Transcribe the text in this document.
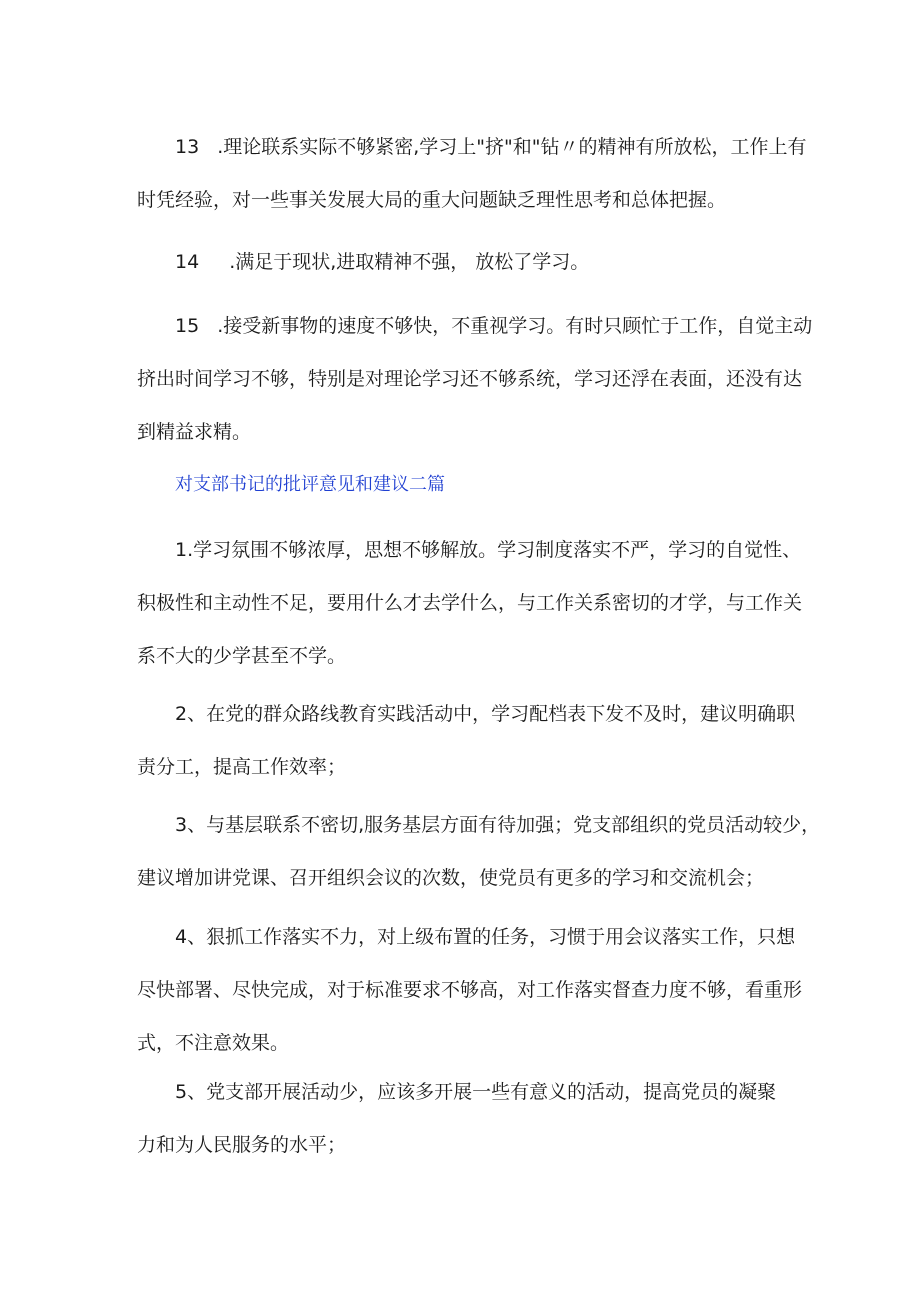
13 .理论联系实际不够紧密,学习上"挤"和"钻〃的精神有所放松，工作上有
时凭经验，对一些事关发展大局的重大问题缺乏理性思考和总体把握。
14 .满足于现状,进取精神不强， 放松了学习。
15 .接受新事物的速度不够快，不重视学习。有时只顾忙于工作，自觉主动
挤出时间学习不够，特别是对理论学习还不够系统，学习还浮在表面，还没有达
到精益求精。
对支部书记的批评意见和建议二篇
1.学习氛围不够浓厚，思想不够解放。学习制度落实不严，学习的自觉性、
积极性和主动性不足，要用什么才去学什么，与工作关系密切的才学，与工作关
系不大的少学甚至不学。
2、在党的群众路线教育实践活动中，学习配档表下发不及时，建议明确职
责分工，提高工作效率；
3、与基层联系不密切,服务基层方面有待加强；党支部组织的党员活动较少，
建议增加讲党课、召开组织会议的次数，使党员有更多的学习和交流机会；
4、狠抓工作落实不力，对上级布置的任务，习惯于用会议落实工作，只想
尽快部署、尽快完成，对于标准要求不够高，对工作落实督查力度不够，看重形
式，不注意效果。
5、党支部开展活动少，应该多开展一些有意义的活动，提高党员的凝聚
力和为人民服务的水平；
